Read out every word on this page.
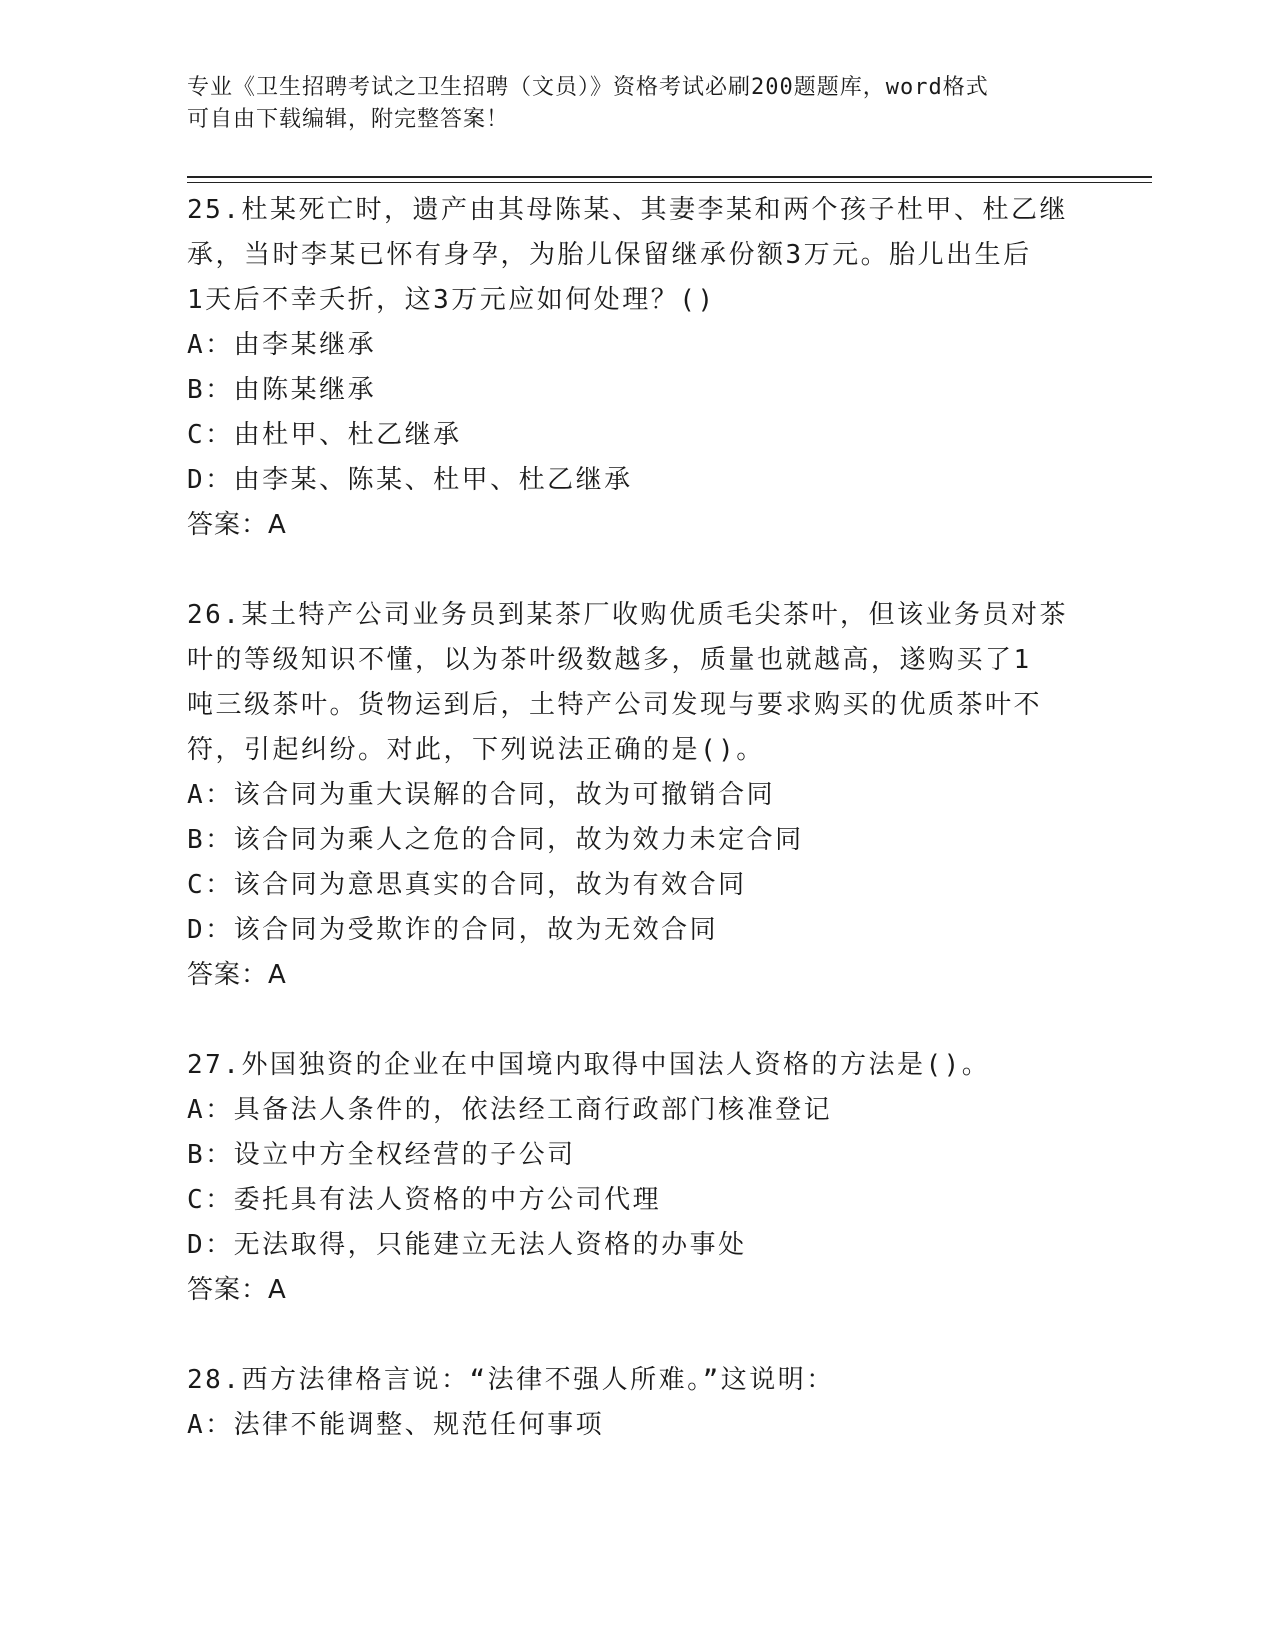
专业《卫生招聘考试之卫生招聘（文员）》资格考试必刷200题题库，word格式
可自由下载编辑，附完整答案！
25.杜某死亡时，遗产由其母陈某、其妻李某和两个孩子杜甲、杜乙继
承，当时李某已怀有身孕，为胎儿保留继承份额3万元。胎儿出生后
1天后不幸夭折，这3万元应如何处理？()
A：由李某继承
B：由陈某继承
C：由杜甲、杜乙继承
D：由李某、陈某、杜甲、杜乙继承
答案：A
26.某土特产公司业务员到某茶厂收购优质毛尖茶叶，但该业务员对茶
叶的等级知识不懂，以为茶叶级数越多，质量也就越高，遂购买了1
吨三级茶叶。货物运到后，土特产公司发现与要求购买的优质茶叶不
符，引起纠纷。对此，下列说法正确的是()。
A：该合同为重大误解的合同，故为可撤销合同
B：该合同为乘人之危的合同，故为效力未定合同
C：该合同为意思真实的合同，故为有效合同
D：该合同为受欺诈的合同，故为无效合同
答案：A
27.外国独资的企业在中国境内取得中国法人资格的方法是()。
A：具备法人条件的，依法经工商行政部门核准登记
B：设立中方全权经营的子公司
C：委托具有法人资格的中方公司代理
D：无法取得，只能建立无法人资格的办事处
答案：A
28.西方法律格言说：“法律不强人所难。”这说明：
A：法律不能调整、规范任何事项
